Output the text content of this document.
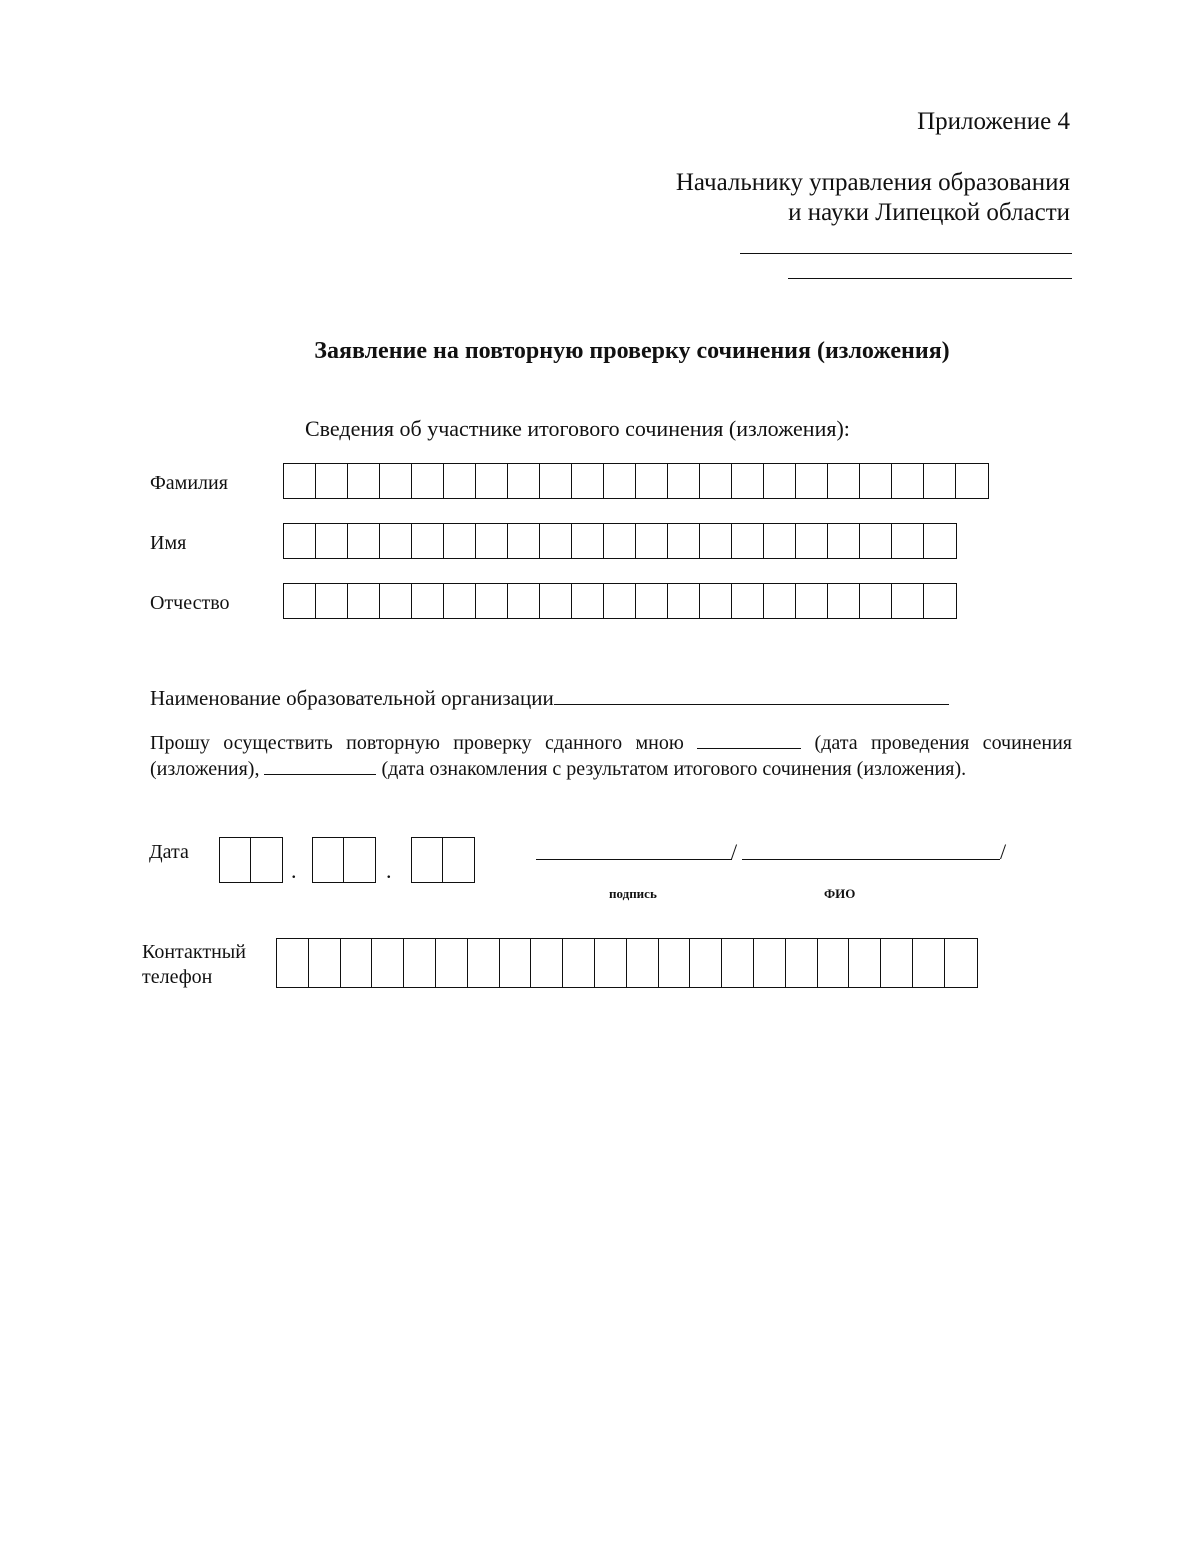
Приложение 4
Начальнику управления образования
и науки Липецкой области
Заявление на повторную проверку сочинения (изложения)
Сведения об участнике итогового сочинения (изложения):
Фамилия
Имя
Отчество
Наименование образовательной организации
Прошу осуществить повторную проверку сданного мною	(дата проведения сочинения (изложения),	(дата ознакомления с результатом итогового сочинения (изложения).
Дата
.	.
/	/
подпись	ФИО
Контактный
телефон
